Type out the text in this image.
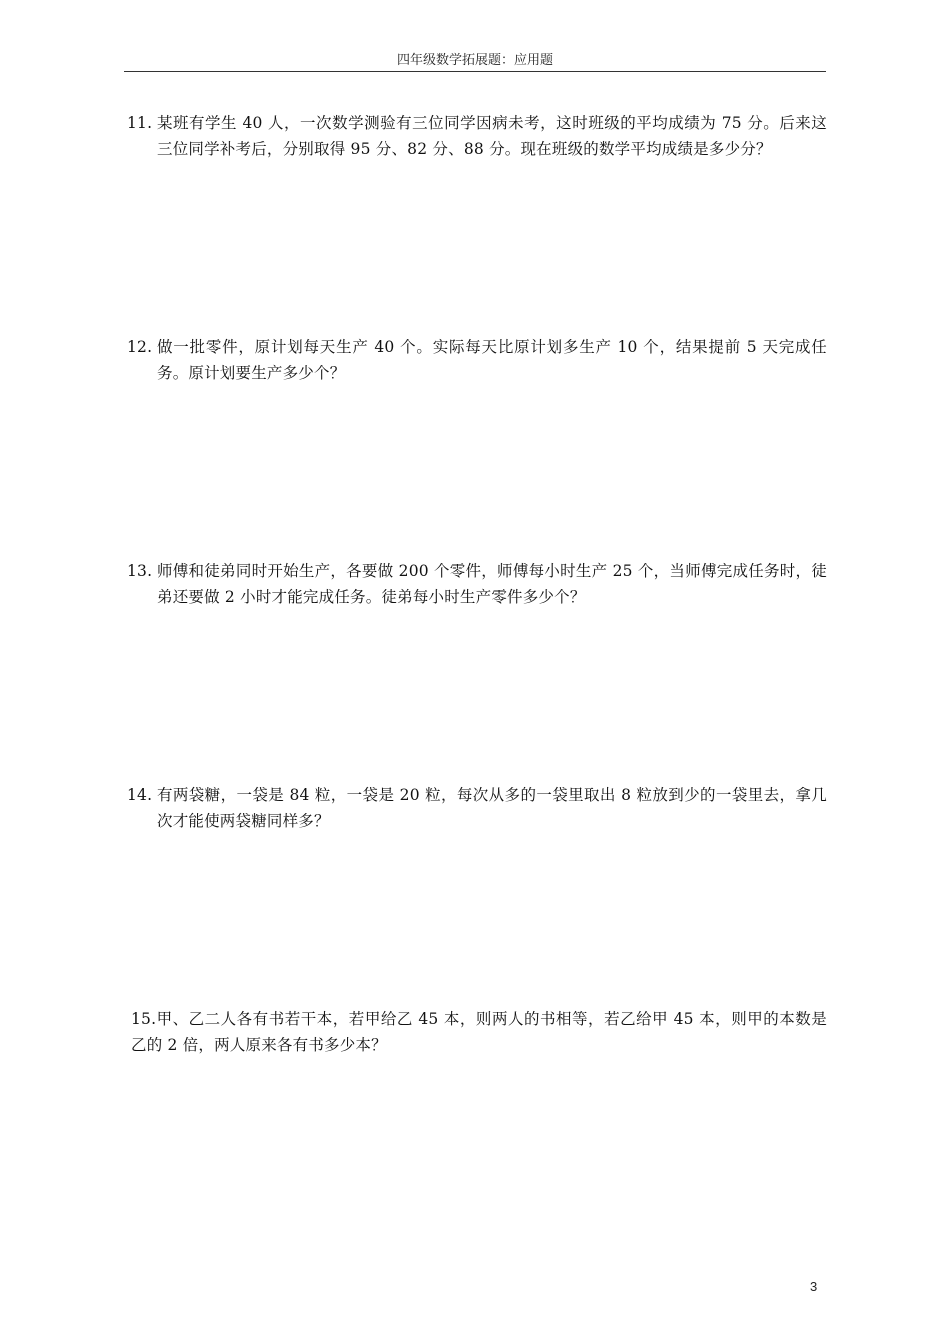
四年级数学拓展题：应用题
11. 某班有学生 40 人，一次数学测验有三位同学因病未考，这时班级的平均成绩为 75 分。后来这三位同学补考后，分别取得 95 分、82 分、88 分。现在班级的数学平均成绩是多少分？
12. 做一批零件，原计划每天生产 40 个。实际每天比原计划多生产 10 个，结果提前 5 天完成任务。原计划要生产多少个？
13. 师傅和徒弟同时开始生产，各要做 200 个零件，师傅每小时生产 25 个，当师傅完成任务时，徒弟还要做 2 小时才能完成任务。徒弟每小时生产零件多少个？
14. 有两袋糖，一袋是 84 粒，一袋是 20 粒，每次从多的一袋里取出 8 粒放到少的一袋里去，拿几次才能使两袋糖同样多？
15.甲、乙二人各有书若干本，若甲给乙 45 本，则两人的书相等，若乙给甲 45 本，则甲的本数是乙的 2 倍，两人原来各有书多少本？
3
